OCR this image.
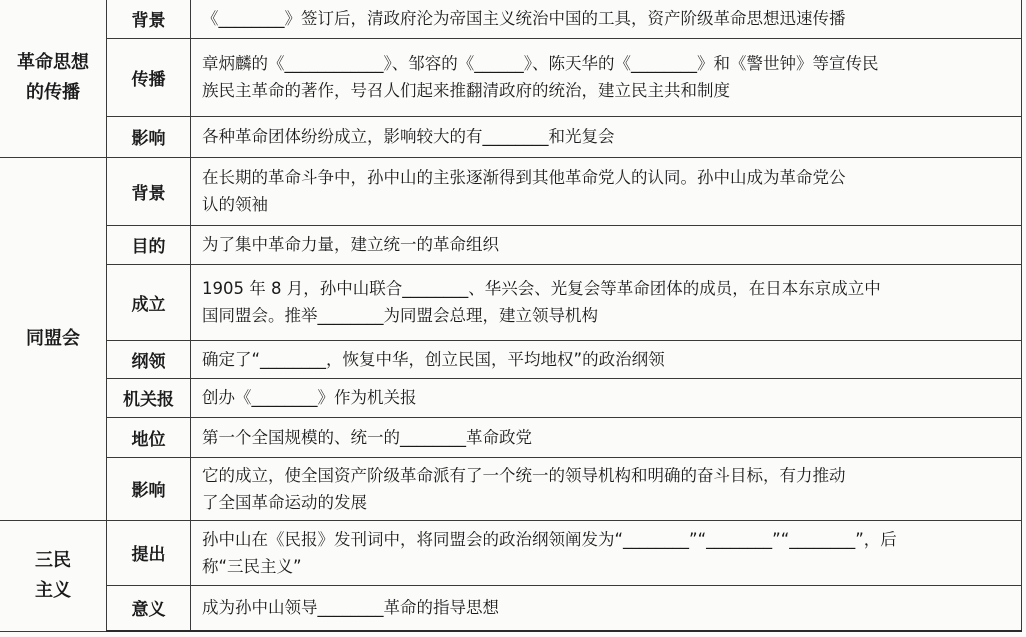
革命思想
的传播	背景	《________》签订后，清政府沦为帝国主义统治中国的工具，资产阶级革命思想迅速传播

	传播	章炳麟的《____________》、邹容的《______》、陈天华的《________》和《警世钟》等宣传民
族民主革命的著作，号召人们起来推翻清政府的统治，建立民主共和制度

	影响	各种革命团体纷纷成立，影响较大的有________和光复会

同盟会	背景	在长期的革命斗争中，孙中山的主张逐渐得到其他革命党人的认同。孙中山成为革命党公
认的领袖

	目的	为了集中革命力量，建立统一的革命组织

	成立	1905 年 8 月，孙中山联合________、华兴会、光复会等革命团体的成员，在日本东京成立中
国同盟会。推举________为同盟会总理，建立领导机构

	纲领	确定了“________，恢复中华，创立民国，平均地权”的政治纲领

	机关报	创办《________》作为机关报

	地位	第一个全国规模的、统一的________革命政党

	影响	它的成立，使全国资产阶级革命派有了一个统一的领导机构和明确的奋斗目标，有力推动
了全国革命运动的发展

三民
主义	提出	孙中山在《民报》发刊词中，将同盟会的政治纲领阐发为“________”“________”“________”，后
称“三民主义”

	意义	成为孙中山领导________革命的指导思想
